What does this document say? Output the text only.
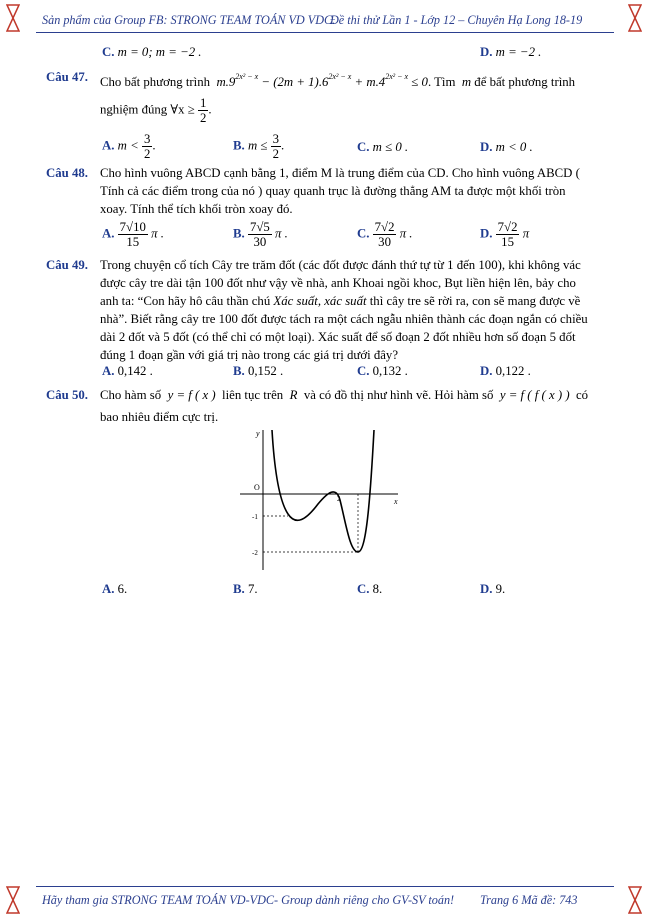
Sản phẩm của Group FB: STRONG TEAM TOÁN VD VDC.
Đề thi thử Lần 1 - Lớp 12 – Chuyên Hạ Long 18-19
C. m = 0; m = −2 .	D. m = −2 .
Câu 47. Cho bất phương trình $m.9^{2x^2 - x} - (2m + 1).6^{2x^2 - x} + m.4^{2x^2 - x} \le 0$. Tìm m để bất phương trình
nghiệm đúng ∀x ≥ $\frac{1}{2}$ .
A. $m < \frac{3}{2}$ .	B. $m \le \frac{3}{2}$ .	C. m ≤ 0 .	D. m < 0 .
Câu 48. Cho hình vuông ABCD cạnh bằng 1, điểm M là trung điểm của CD. Cho hình vuông ABCD (
Tính cả các điểm trong của nó ) quay quanh trục là đường thẳng AM ta được một khối tròn
xoay. Tính thể tích khối tròn xoay đó.
A. $\frac{7√10}{15}$ π .	B. $\frac{7√5}{30}$ π .	C. $\frac{7√2}{30}$ π .	D. $\frac{7√2}{15}$ π
Câu 49. Trong chuyện cổ tích Cây tre trăm đốt (các đốt được đánh thứ tự từ 1 đến 100), khi không vác
được cây tre dài tận 100 đốt như vậy về nhà, anh Khoai ngồi khoc, Bụt liền hiện lên, bảy cho
anh ta: “Con hãy hô câu thần chú Xác suất, xác suất thì cây tre sẽ rời ra, con sẽ mang được về
nhà”. Biết rằng cây tre 100 đốt được tách ra một cách ngẫu nhiên thành các đoạn ngắn có chiều
dài 2 đốt và 5 đốt (có thể chỉ có một loại). Xác suất để số đoạn 2 đốt nhiều hơn số đoạn 5 đốt
đúng 1 đoạn gần với giá trị nào trong các giá trị dưới đây?
A. 0,142 .	B. 0,152 .	C. 0,132 .	D. 0,122 .
Câu 50. Cho hàm số y = f ( x ) liên tục trên R và có đồ thị như hình vẽ. Hỏi hàm số y = f ( f ( x ) ) có
bao nhiêu điểm cực trị.
y
O
x
2
-1
-2
A. 6.	B. 7.	C. 8.	D. 9.
Hãy tham gia STRONG TEAM TOÁN VD-VDC- Group dành riêng cho GV-SV toán! Trang 6 Mã đề: 743
